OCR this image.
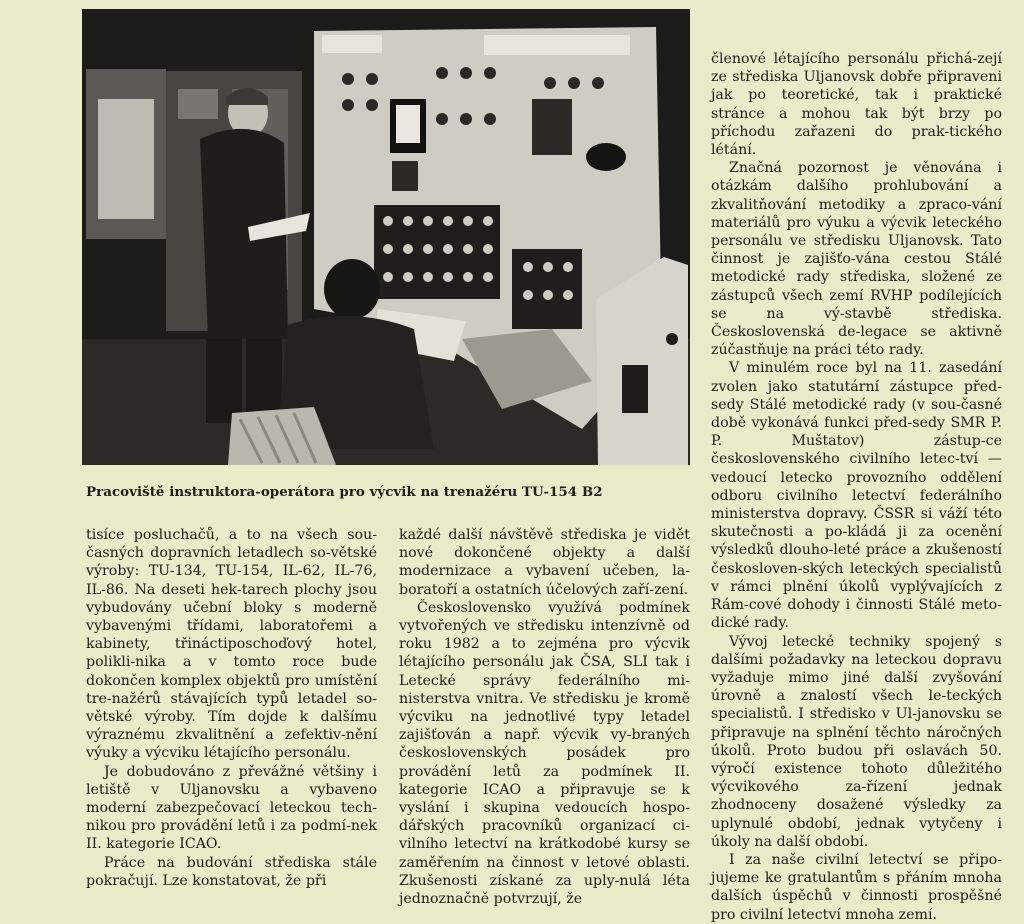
Pracoviště instruktora-operátora pro výcvik na trenažéru TU-154 B2

tisíce posluchačů, a to na všech sou-časných dopravních letadlech so-větské výroby: TU-134, TU-154, IL-62, IL-76, IL-86. Na deseti hek-tarech plochy jsou vybudovány učební bloky s moderně vybavenými třídami, laboratořemi a kabinety, třináctiposchoďový hotel, polikli-nika a v tomto roce bude dokončen komplex objektů pro umístění tre-nažérů stávajících typů letadel so-větské výroby. Tím dojde k dalšímu výraznému zkvalitnění a zefektiv-nění výuky a výcviku létajícího personálu.

Je dobudováno z převážné většiny i letiště v Uljanovsku a vybaveno moderní zabezpečovací leteckou tech-nikou pro provádění letů i za podmí-nek II. kategorie ICAO.

Práce na budování střediska stále pokračují. Lze konstatovat, že při

každé další návštěvě střediska je vidět nové dokončené objekty a další modernizace a vybavení učeben, la-boratoří a ostatních účelových zaří-zení.

Československo využívá podmínek vytvořených ve středisku intenzívně od roku 1982 a to zejména pro výcvik létajícího personálu jak ČSA, SLI tak i Letecké správy federálního mi-nisterstva vnitra. Ve středisku je kromě výcviku na jednotlivé typy letadel zajišťován a např. výcvik vy-braných československých posádek pro provádění letů za podmínek II. kategorie ICAO a připravuje se k vyslání i skupina vedoucích hospo-dářských pracovníků organizací ci-vilního letectví na krátkodobé kursy se zaměřením na činnost v letové oblasti. Zkušenosti získané za uply-nulá léta jednoznačně potvrzují, že

členové létajícího personálu přichá-zejí ze střediska Uljanovsk dobře připraveni jak po teoretické, tak i praktické stránce a mohou tak být brzy po příchodu zařazeni do prak-tického létání.

Značná pozornost je věnována i otázkám dalšího prohlubování a zkvalitňování metodiky a zpraco-vání materiálů pro výuku a výcvik leteckého personálu ve středisku Uljanovsk. Tato činnost je zajišťo-vána cestou Stálé metodické rady střediska, složené ze zástupců všech zemí RVHP podílejících se na vý-stavbě střediska. Československá de-legace se aktivně zúčastňuje na práci této rady.

V minulém roce byl na 11. zasedání zvolen jako statutární zástupce před-sedy Stálé metodické rady (v sou-časné době vykonává funkci před-sedy SMR P. P. Muštatov) zástup-ce československého civilního letec-tví — vedoucí letecko provozního oddělení odboru civilního letectví federálního ministerstva dopravy. ČSSR si váží této skutečnosti a po-kládá ji za ocenění výsledků dlouho-leté práce a zkušeností českosloven-ských leteckých specialistů v rámci plnění úkolů vyplývajících z Rám-cové dohody i činnosti Stálé meto-dické rady.

Vývoj letecké techniky spojený s dalšími požadavky na leteckou dopravu vyžaduje mimo jiné další zvyšování úrovně a znalostí všech le-teckých specialistů. I středisko v Ul-janovsku se připravuje na splnění těchto náročných úkolů. Proto budou při oslavách 50. výročí existence tohoto důležitého výcvikového za-řízení jednak zhodnoceny dosažené výsledky za uplynulé období, jednak vytyčeny i úkoly na další období.

I za naše civilní letectví se připo-jujeme ke gratulantům s přáním mnoha dalších úspěchů v činnosti prospěšné pro civilní letectví mnoha zemí.
